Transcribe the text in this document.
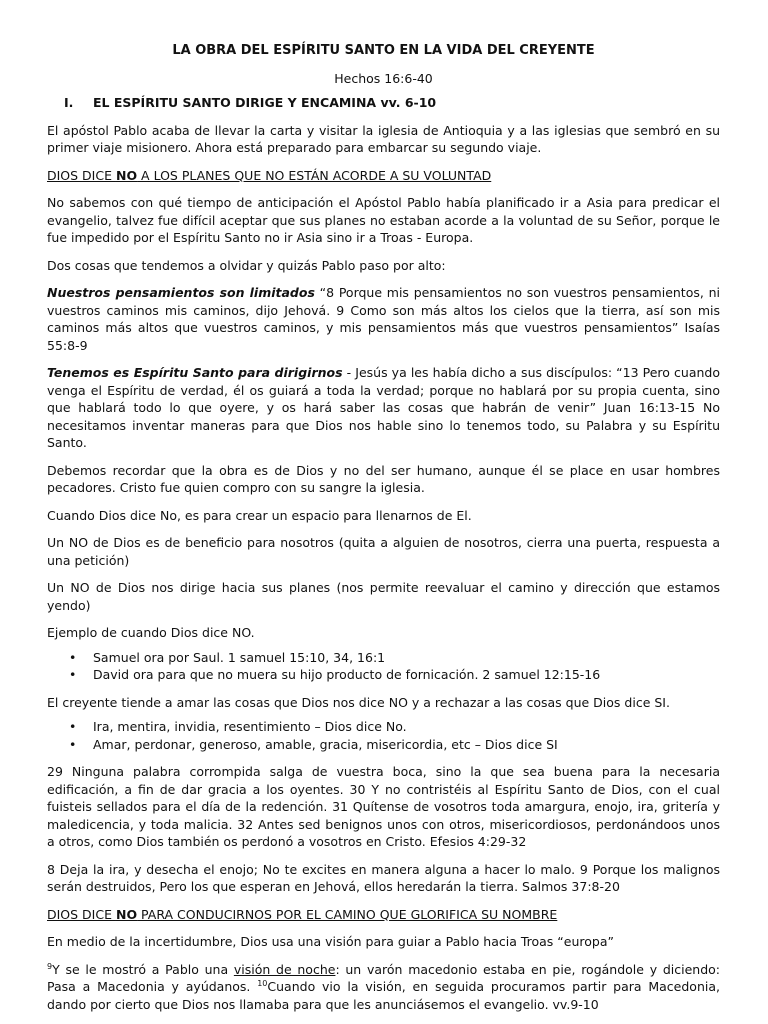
LA OBRA DEL ESPÍRITU SANTO EN LA VIDA DEL CREYENTE
Hechos 16:6-40
I.	EL ESPÍRITU SANTO DIRIGE Y ENCAMINA vv. 6-10

El apóstol Pablo acaba de llevar la carta y visitar la iglesia de Antioquia y a las iglesias que sembró en su primer viaje misionero. Ahora está preparado para embarcar su segundo viaje.

DIOS DICE NO A LOS PLANES QUE NO ESTÁN ACORDE A SU VOLUNTAD

No sabemos con qué tiempo de anticipación el Apóstol Pablo había planificado ir a Asia para predicar el evangelio, talvez fue difícil aceptar que sus planes no estaban acorde a la voluntad de su Señor, porque le fue impedido por el Espíritu Santo no ir Asia sino ir a Troas - Europa.

Dos cosas que tendemos a olvidar y quizás Pablo paso por alto:

Nuestros pensamientos son limitados “8 Porque mis pensamientos no son vuestros pensamientos, ni vuestros caminos mis caminos, dijo Jehová. 9 Como son más altos los cielos que la tierra, así son mis caminos más altos que vuestros caminos, y mis pensamientos más que vuestros pensamientos” Isaías 55:8-9

Tenemos es Espíritu Santo para dirigirnos - Jesús ya les había dicho a sus discípulos: “13 Pero cuando venga el Espíritu de verdad, él os guiará a toda la verdad; porque no hablará por su propia cuenta, sino que hablará todo lo que oyere, y os hará saber las cosas que habrán de venir” Juan 16:13-15 No necesitamos inventar maneras para que Dios nos hable sino lo tenemos todo, su Palabra y su Espíritu Santo.

Debemos recordar que la obra es de Dios y no del ser humano, aunque él se place en usar hombres pecadores. Cristo fue quien compro con su sangre la iglesia.

Cuando Dios dice No, es para crear un espacio para llenarnos de El.

Un NO de Dios es de beneficio para nosotros (quita a alguien de nosotros, cierra una puerta, respuesta a una petición)

Un NO de Dios nos dirige hacia sus planes (nos permite reevaluar el camino y dirección que estamos yendo)

Ejemplo de cuando Dios dice NO.

•	Samuel ora por Saul. 1 samuel 15:10, 34, 16:1
•	David ora para que no muera su hijo producto de fornicación. 2 samuel 12:15-16

El creyente tiende a amar las cosas que Dios nos dice NO y a rechazar a las cosas que Dios dice SI.

•	Ira, mentira, invidia, resentimiento – Dios dice No.
•	Amar, perdonar, generoso, amable, gracia, misericordia, etc – Dios dice SI

29 Ninguna palabra corrompida salga de vuestra boca, sino la que sea buena para la necesaria edificación, a fin de dar gracia a los oyentes. 30 Y no contristéis al Espíritu Santo de Dios, con el cual fuisteis sellados para el día de la redención. 31 Quítense de vosotros toda amargura, enojo, ira, gritería y maledicencia, y toda malicia. 32 Antes sed benignos unos con otros, misericordiosos, perdonándoos unos a otros, como Dios también os perdonó a vosotros en Cristo. Efesios 4:29-32

8 Deja la ira, y desecha el enojo; No te excites en manera alguna a hacer lo malo. 9 Porque los malignos serán destruidos, Pero los que esperan en Jehová, ellos heredarán la tierra. Salmos 37:8-20

DIOS DICE NO PARA CONDUCIRNOS POR EL CAMINO QUE GLORIFICA SU NOMBRE

En medio de la incertidumbre, Dios usa una visión para guiar a Pablo hacia Troas “europa”

$^9$Y se le mostró a Pablo una visión de noche: un varón macedonio estaba en pie, rogándole y diciendo: Pasa a Macedonia y ayúdanos. $^{10}$Cuando vio la visión, en seguida procuramos partir para Macedonia, dando por cierto que Dios nos llamaba para que les anunciásemos el evangelio. vv.9-10
